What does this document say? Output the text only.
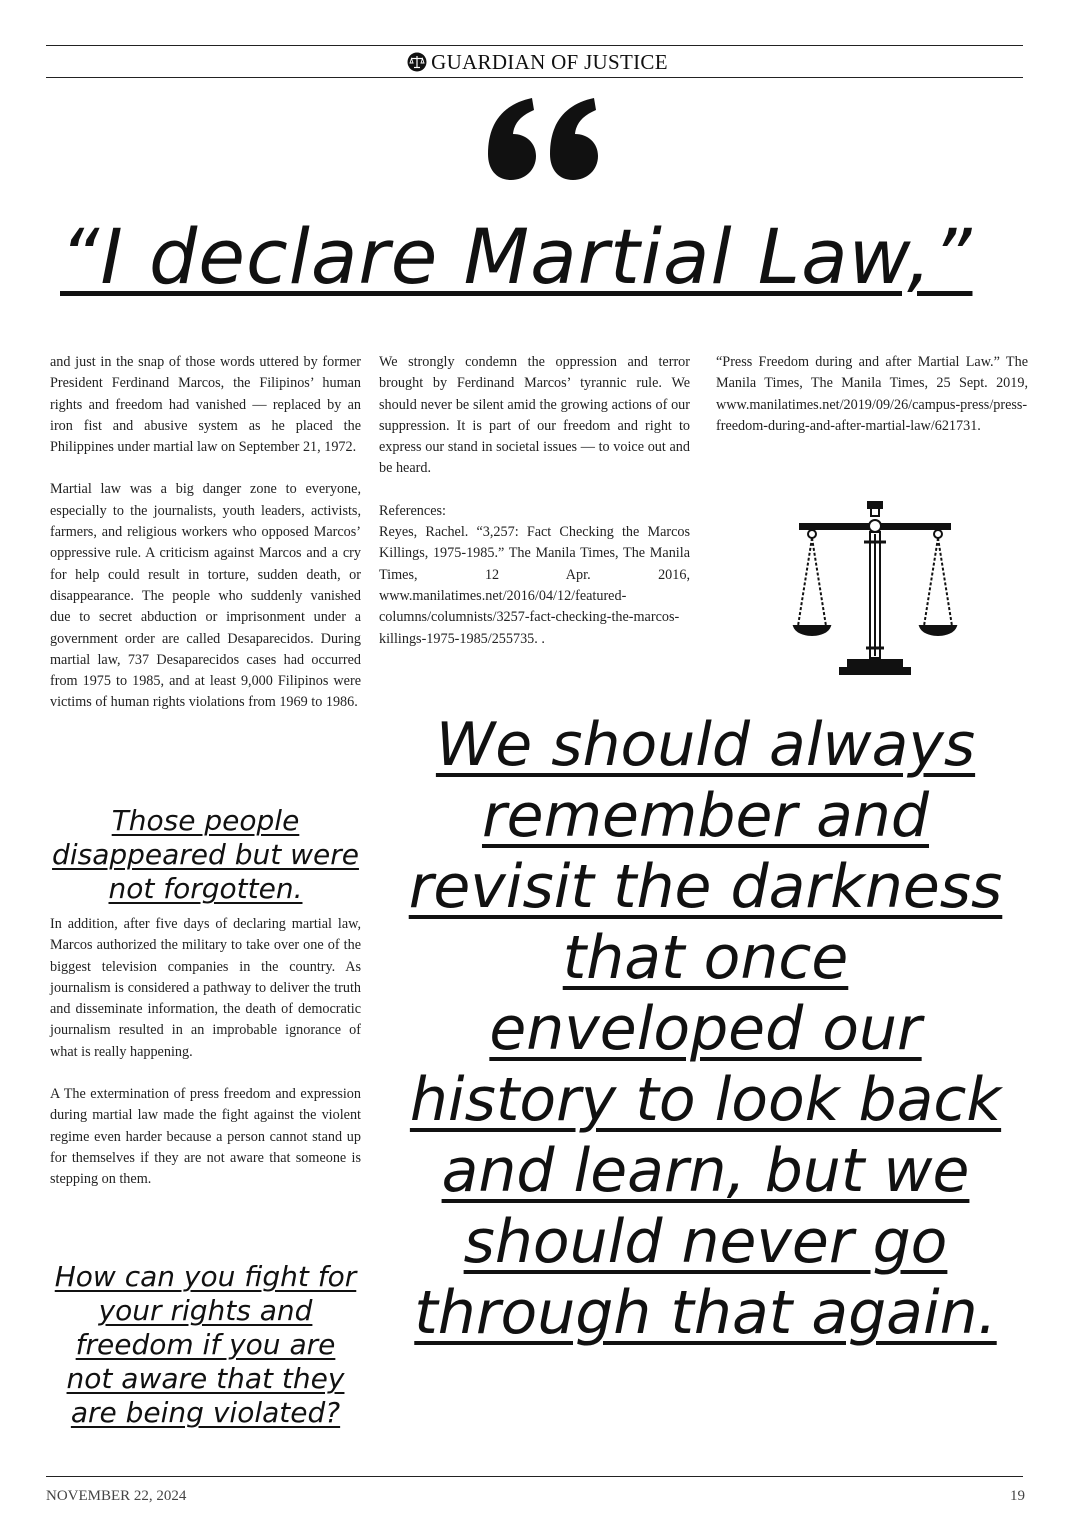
GUARDIAN OF JUSTICE
“I declare Martial Law,”

and just in the snap of those words uttered by former President Ferdinand Marcos, the Filipinos’ human rights and freedom had vanished — replaced by an iron fist and abusive system as he placed the Philippines under martial law on September 21, 1972.

Martial law was a big danger zone to everyone, especially to the journalists, youth leaders, activists, farmers, and religious workers who opposed Marcos’ oppressive rule. A criticism against Marcos and a cry for help could result in torture, sudden death, or disappearance. The people who suddenly vanished due to secret abduction or imprisonment under a government order are called Desaparecidos. During martial law, 737 Desaparecidos cases had occurred from 1975 to 1985, and at least 9,000 Filipinos were victims of human rights violations from 1969 to 1986.

Those people disappeared but were not forgotten.

In addition, after five days of declaring martial law, Marcos authorized the military to take over one of the biggest television companies in the country. As journalism is considered a pathway to deliver the truth and disseminate information, the death of democratic journalism resulted in an improbable ignorance of what is really happening.

A The extermination of press freedom and expression during martial law made the fight against the violent regime even harder because a person cannot stand up for themselves if they are not aware that someone is stepping on them.

How can you fight for your rights and freedom if you are not aware that they are being violated?

We strongly condemn the oppression and terror brought by Ferdinand Marcos’ tyrannic rule. We should never be silent amid the growing actions of our suppression. It is part of our freedom and right to express our stand in societal issues — to voice out and be heard.

References:
Reyes, Rachel. “3,257: Fact Checking the Marcos Killings, 1975-1985.” The Manila Times, The Manila Times, 12 Apr. 2016, www.manilatimes.net/2016/04/12/featured-columns/columnists/3257-fact-checking-the-marcos-killings-1975-1985/255735. .
“Press Freedom during and after Martial Law.” The Manila Times, The Manila Times, 25 Sept. 2019, www.manilatimes.net/2019/09/26/campus-press/press-freedom-during-and-after-martial-law/621731.
We should always remember and revisit the darkness that once enveloped our history to look back and learn, but we should never go through that again.
NOVEMBER 22, 2024	19
